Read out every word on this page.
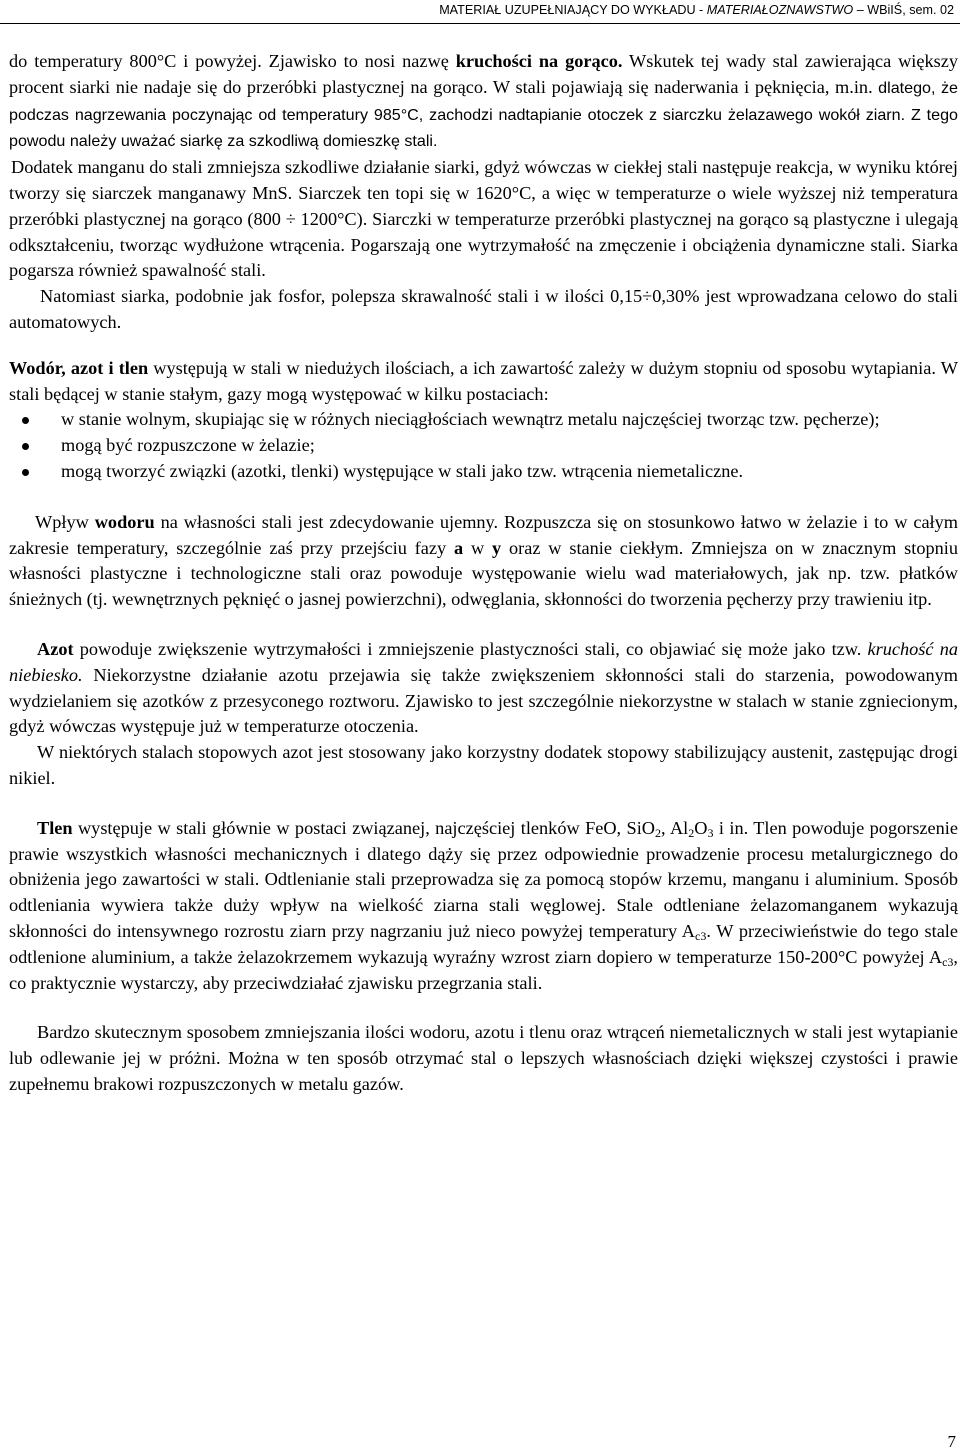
MATERIAŁ UZUPEŁNIAJĄCY DO WYKŁADU - MATERIAŁOZNAWSTWO – WBiIŚ, sem. 02

do temperatury 800°C i powyżej. Zjawisko to nosi nazwę kruchości na gorąco. Wskutek tej wady stal zawierająca większy procent siarki nie nadaje się do przeróbki plastycznej na gorąco. W stali pojawiają się naderwania i pęknięcia, m.in. dlatego, że podczas nagrzewania poczynając od temperatury 985°C, zachodzi nadtapianie otoczek z siarczku żelazawego wokół ziarn. Z tego powodu należy uważać siarkę za szkodliwą domieszkę stali.
Dodatek manganu do stali zmniejsza szkodliwe działanie siarki, gdyż wówczas w ciekłej stali następuje reakcja, w wyniku której tworzy się siarczek manganawy MnS. Siarczek ten topi się w 1620°C, a więc w temperaturze o wiele wyższej niż temperatura przeróbki plastycznej na gorąco (800 ÷ 1200°C). Siarczki w temperaturze przeróbki plastycznej na gorąco są plastyczne i ulegają odkształceniu, tworząc wydłużone wtrącenia. Pogarszają one wytrzymałość na zmęczenie i obciążenia dynamiczne stali. Siarka pogarsza również spawalność stali.

Natomiast siarka, podobnie jak fosfor, polepsza skrawalność stali i w ilości 0,15÷0,30% jest wprowadzana celowo do stali automatowych.

Wodór, azot i tlen występują w stali w niedużych ilościach, a ich zawartość zależy w dużym stopniu od sposobu wytapiania. W stali będącej w stanie stałym, gazy mogą występować w kilku postaciach:

w stanie wolnym, skupiając się w różnych nieciągłościach wewnątrz metalu najczęściej tworząc tzw. pęcherze);
mogą być rozpuszczone w żelazie;
mogą tworzyć związki (azotki, tlenki) występujące w stali jako tzw. wtrącenia niemetaliczne.

Wpływ wodoru na własności stali jest zdecydowanie ujemny. Rozpuszcza się on stosunkowo łatwo w żelazie i to w całym zakresie temperatury, szczególnie zaś przy przejściu fazy a w y oraz w stanie ciekłym. Zmniejsza on w znacznym stopniu własności plastyczne i technologiczne stali oraz powoduje występowanie wielu wad materiałowych, jak np. tzw. płatków śnieżnych (tj. wewnętrznych pęknięć o jasnej powierzchni), odwęglania, skłonności do tworzenia pęcherzy przy trawieniu itp.

Azot powoduje zwiększenie wytrzymałości i zmniejszenie plastyczności stali, co objawiać się może jako tzw. kruchość na niebiesko. Niekorzystne działanie azotu przejawia się także zwiększeniem skłonności stali do starzenia, powodowanym wydzielaniem się azotków z przesyconego roztworu. Zjawisko to jest szczególnie niekorzystne w stalach w stanie zgniecionym, gdyż wówczas występuje już w temperaturze otoczenia.

W niektórych stalach stopowych azot jest stosowany jako korzystny dodatek stopowy stabilizujący austenit, zastępując drogi nikiel.

Tlen występuje w stali głównie w postaci związanej, najczęściej tlenków FeO, SiO$_2$, $Al_2O_3$ i in. Tlen powoduje pogorszenie prawie wszystkich własności mechanicznych i dlatego dąży się przez odpowiednie prowadzenie procesu metalurgicznego do obniżenia jego zawartości w stali. Odtlenianie stali przeprowadza się za pomocą stopów krzemu, manganu i aluminium. Sposób odtleniania wywiera także duży wpływ na wielkość ziarna stali węglowej. Stale odtleniane żelazomanganem wykazują skłonności do intensywnego rozrostu ziarn przy nagrzaniu już nieco powyżej temperatury $A_{c3}$. W przeciwieństwie do tego stale odtlenione aluminium, a także żelazokrzemem wykazują wyraźny wzrost ziarn dopiero w temperaturze 150-200°C powyżej $A_{c3}$, co praktycznie wystarczy, aby przeciwdziałać zjawisku przegrzania stali.

Bardzo skutecznym sposobem zmniejszania ilości wodoru, azotu i tlenu oraz wtrąceń niemetalicznych w stali jest wytapianie lub odlewanie jej w próżni. Można w ten sposób otrzymać stal o lepszych własnościach dzięki większej czystości i prawie zupełnemu brakowi rozpuszczonych w metalu gazów.

7
